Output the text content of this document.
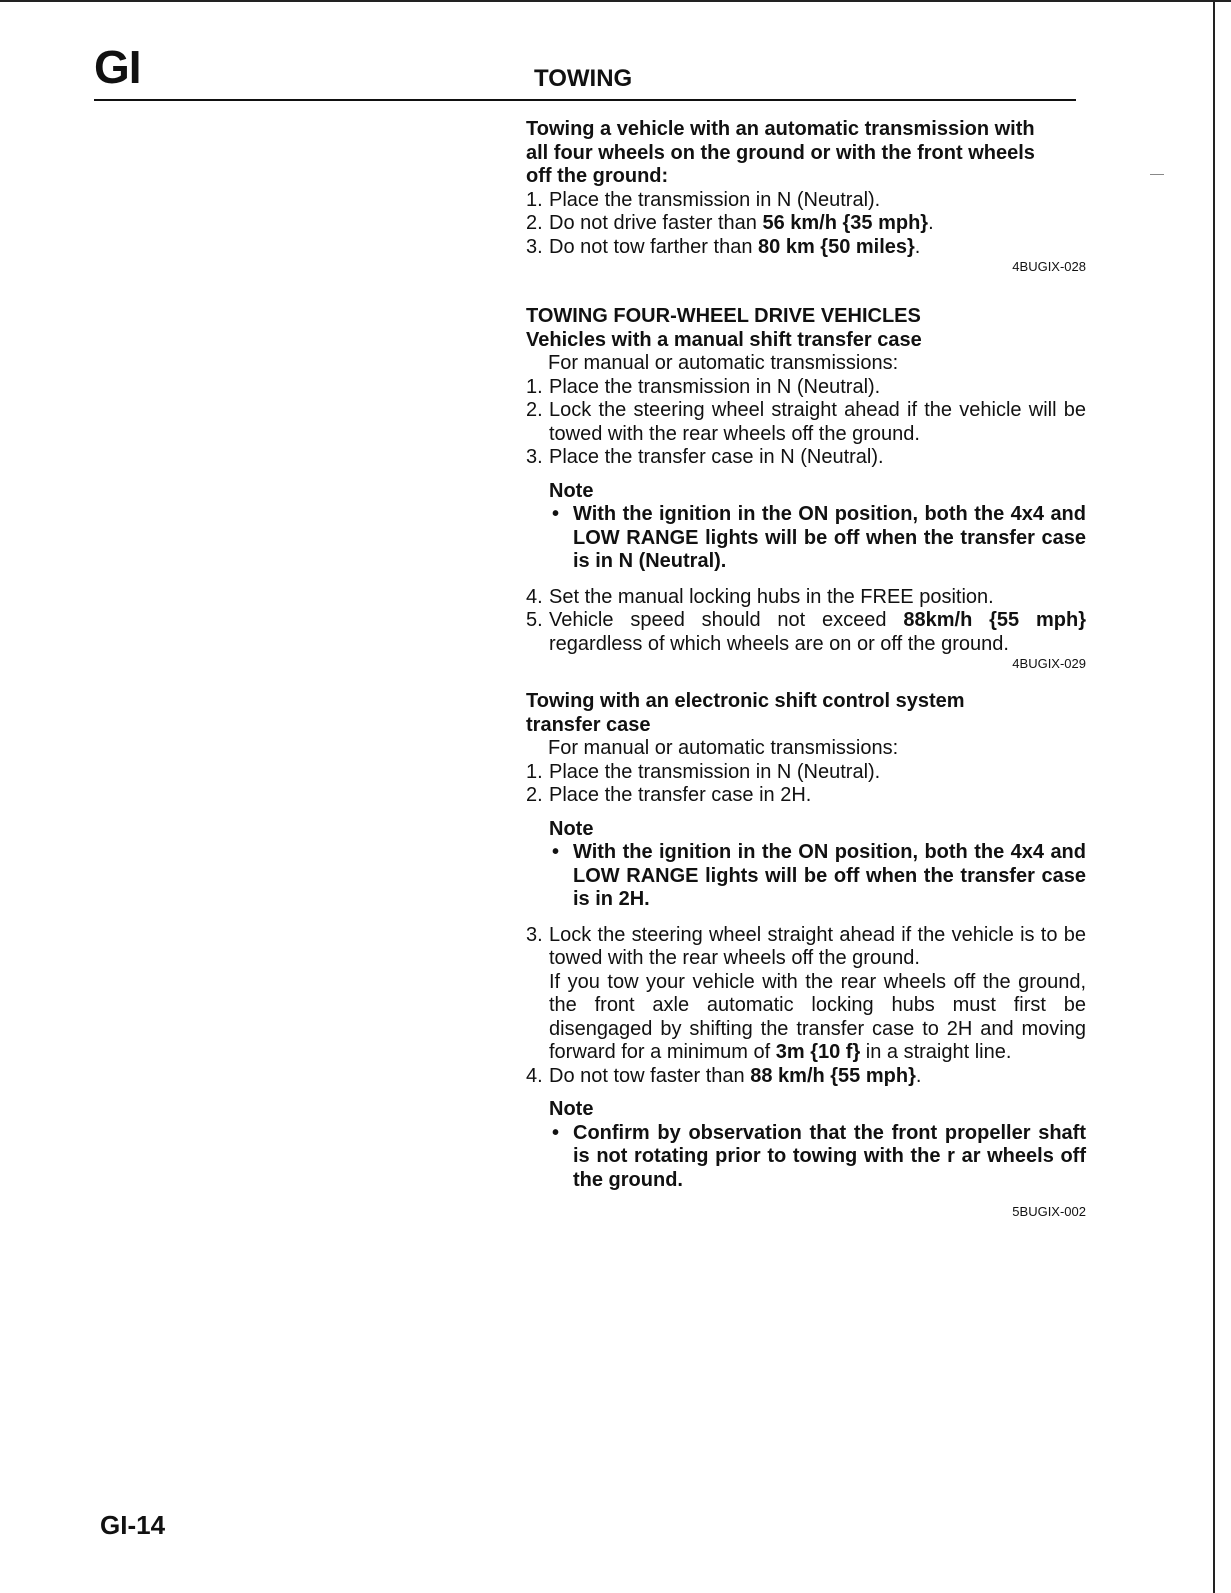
GI	TOWING
Towing a vehicle with an automatic transmission with
all four wheels on the ground or with the front wheels
off the ground:
1. Place the transmission in N (Neutral).
2. Do not drive faster than 56 km/h {35 mph}.
3. Do not tow farther than 80 km {50 miles}.
4BUGIX-028
TOWING FOUR-WHEEL DRIVE VEHICLES
Vehicles with a manual shift transfer case
For manual or automatic transmissions:
1. Place the transmission in N (Neutral).
2. Lock the steering wheel straight ahead if the vehicle will be towed with the rear wheels off the ground.
3. Place the transfer case in N (Neutral).
Note
• With the ignition in the ON position, both the 4x4 and LOW RANGE lights will be off when the transfer case is in N (Neutral).
4. Set the manual locking hubs in the FREE position.
5. Vehicle speed should not exceed 88km/h {55 mph} regardless of which wheels are on or off the ground.
4BUGIX-029
Towing with an electronic shift control system
transfer case
For manual or automatic transmissions:
1. Place the transmission in N (Neutral).
2. Place the transfer case in 2H.
Note
• With the ignition in the ON position, both the 4x4 and LOW RANGE lights will be off when the transfer case is in 2H.
3. Lock the steering wheel straight ahead if the vehicle is to be towed with the rear wheels off the ground.
If you tow your vehicle with the rear wheels off the ground, the front axle automatic locking hubs must first be disengaged by shifting the transfer case to 2H and moving forward for a minimum of 3m {10 f} in a straight line.
4. Do not tow faster than 88 km/h {55 mph}.
Note
• Confirm by observation that the front propeller shaft is not rotating prior to towing with the r ar wheels off the ground.
5BUGIX-002
GI-14
